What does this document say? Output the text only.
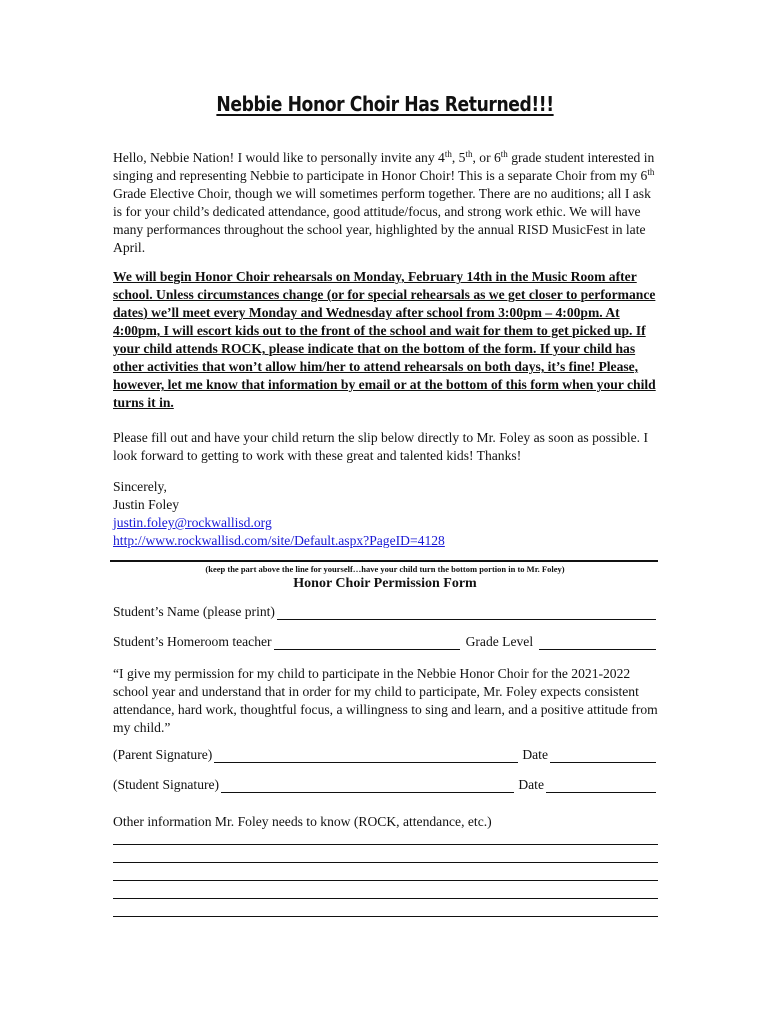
Nebbie Honor Choir Has Returned!!!
Hello, Nebbie Nation! I would like to personally invite any 4th, 5th, or 6th grade student interested in singing and representing Nebbie to participate in Honor Choir! This is a separate Choir from my 6th Grade Elective Choir, though we will sometimes perform together. There are no auditions; all I ask is for your child’s dedicated attendance, good attitude/focus, and strong work ethic. We will have many performances throughout the school year, highlighted by the annual RISD MusicFest in late April.
We will begin Honor Choir rehearsals on Monday, February 14th in the Music Room after school. Unless circumstances change (or for special rehearsals as we get closer to performance dates) we’ll meet every Monday and Wednesday after school from 3:00pm – 4:00pm. At 4:00pm, I will escort kids out to the front of the school and wait for them to get picked up. If your child attends ROCK, please indicate that on the bottom of the form. If your child has other activities that won’t allow him/her to attend rehearsals on both days, it’s fine! Please, however, let me know that information by email or at the bottom of this form when your child turns it in.
Please fill out and have your child return the slip below directly to Mr. Foley as soon as possible. I look forward to getting to work with these great and talented kids! Thanks!
Sincerely,
Justin Foley
justin.foley@rockwallisd.org
http://www.rockwallisd.com/site/Default.aspx?PageID=4128
(keep the part above the line for yourself…have your child turn the bottom portion in to Mr. Foley)
Honor Choir Permission Form
Student’s Name (please print)
Student’s Homeroom teacher	Grade Level
“I give my permission for my child to participate in the Nebbie Honor Choir for the 2021-2022 school year and understand that in order for my child to participate, Mr. Foley expects consistent attendance, hard work, thoughtful focus, a willingness to sing and learn, and a positive attitude from my child.”
(Parent Signature)	Date
(Student Signature)	Date
Other information Mr. Foley needs to know (ROCK, attendance, etc.)
